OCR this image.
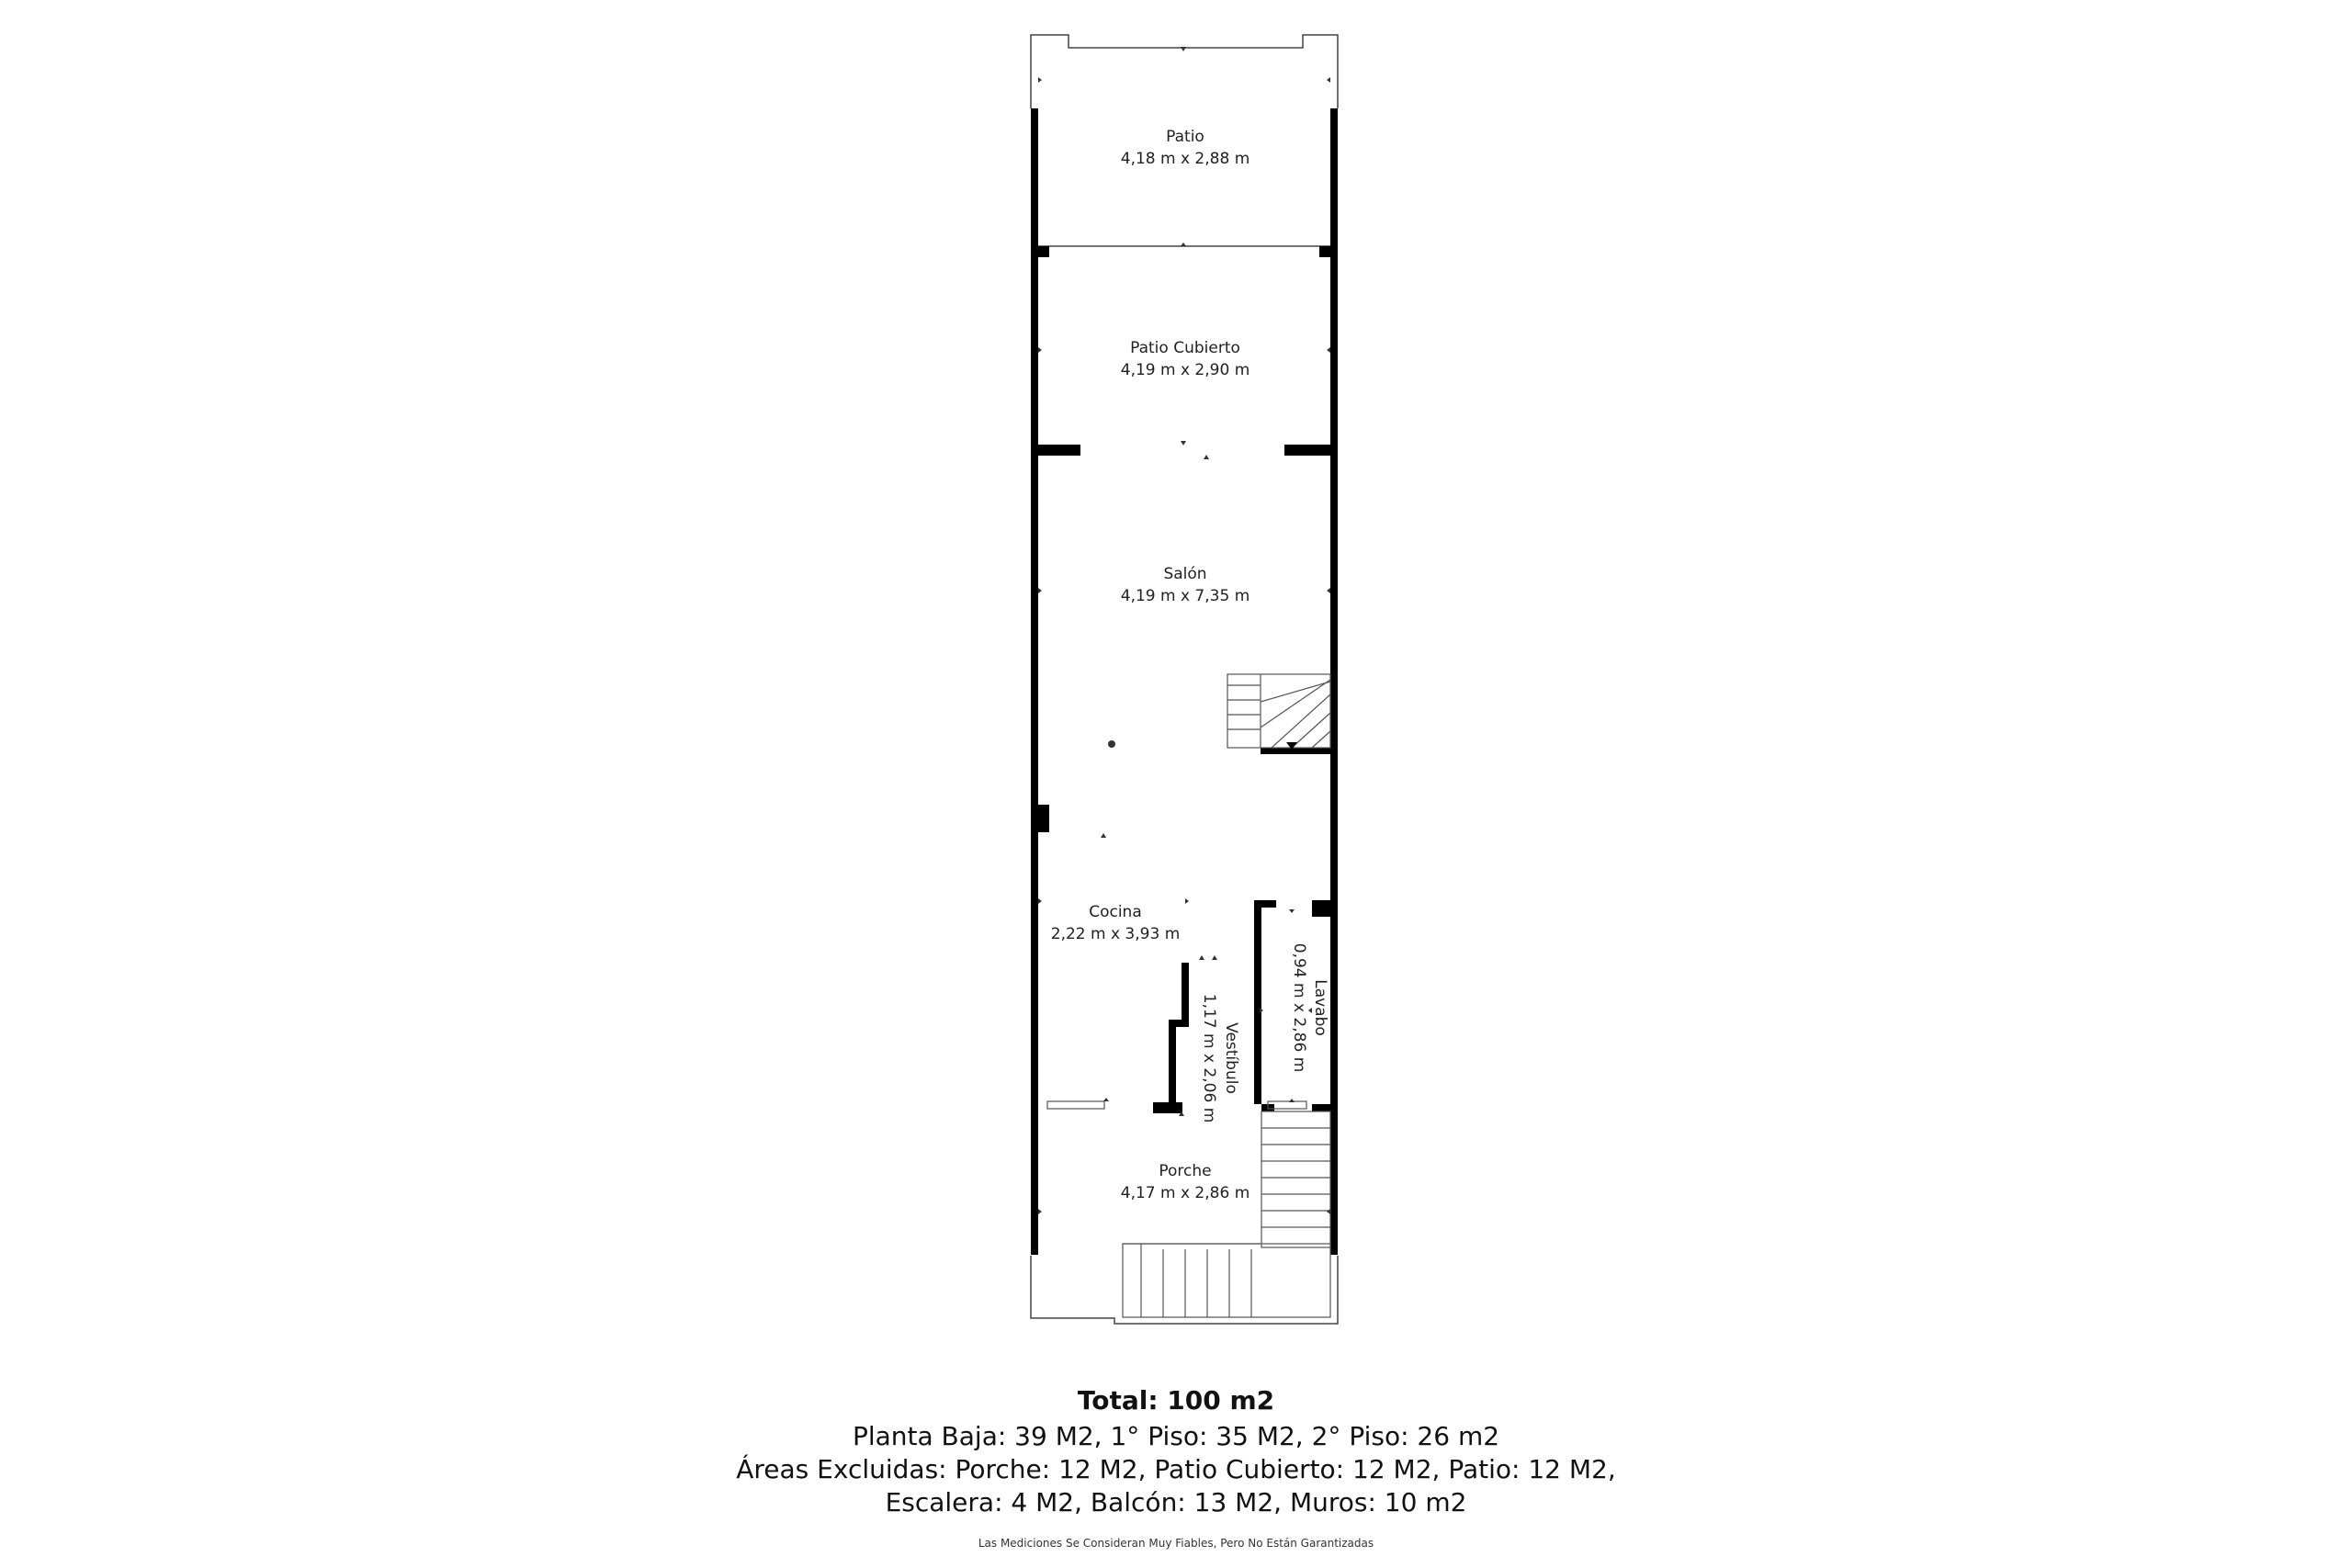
Patio
4,18 m x 2,88 m
Patio Cubierto
4,19 m x 2,90 m
Salón
4,19 m x 7,35 m
Cocina
2,22 m x 3,93 m
Vestíbulo
1,17 m x 2,06 m	Lavabo
0,94 m x 2,86 m
Porche
4,17 m x 2,86 m
Total: 100 m2
Planta Baja: 39 M2, 1° Piso: 35 M2, 2° Piso: 26 m2
Áreas Excluidas: Porche: 12 M2, Patio Cubierto: 12 M2, Patio: 12 M2,
Escalera: 4 M2, Balcón: 13 M2, Muros: 10 m2
Las Mediciones Se Consideran Muy Fiables, Pero No Están Garantizadas
